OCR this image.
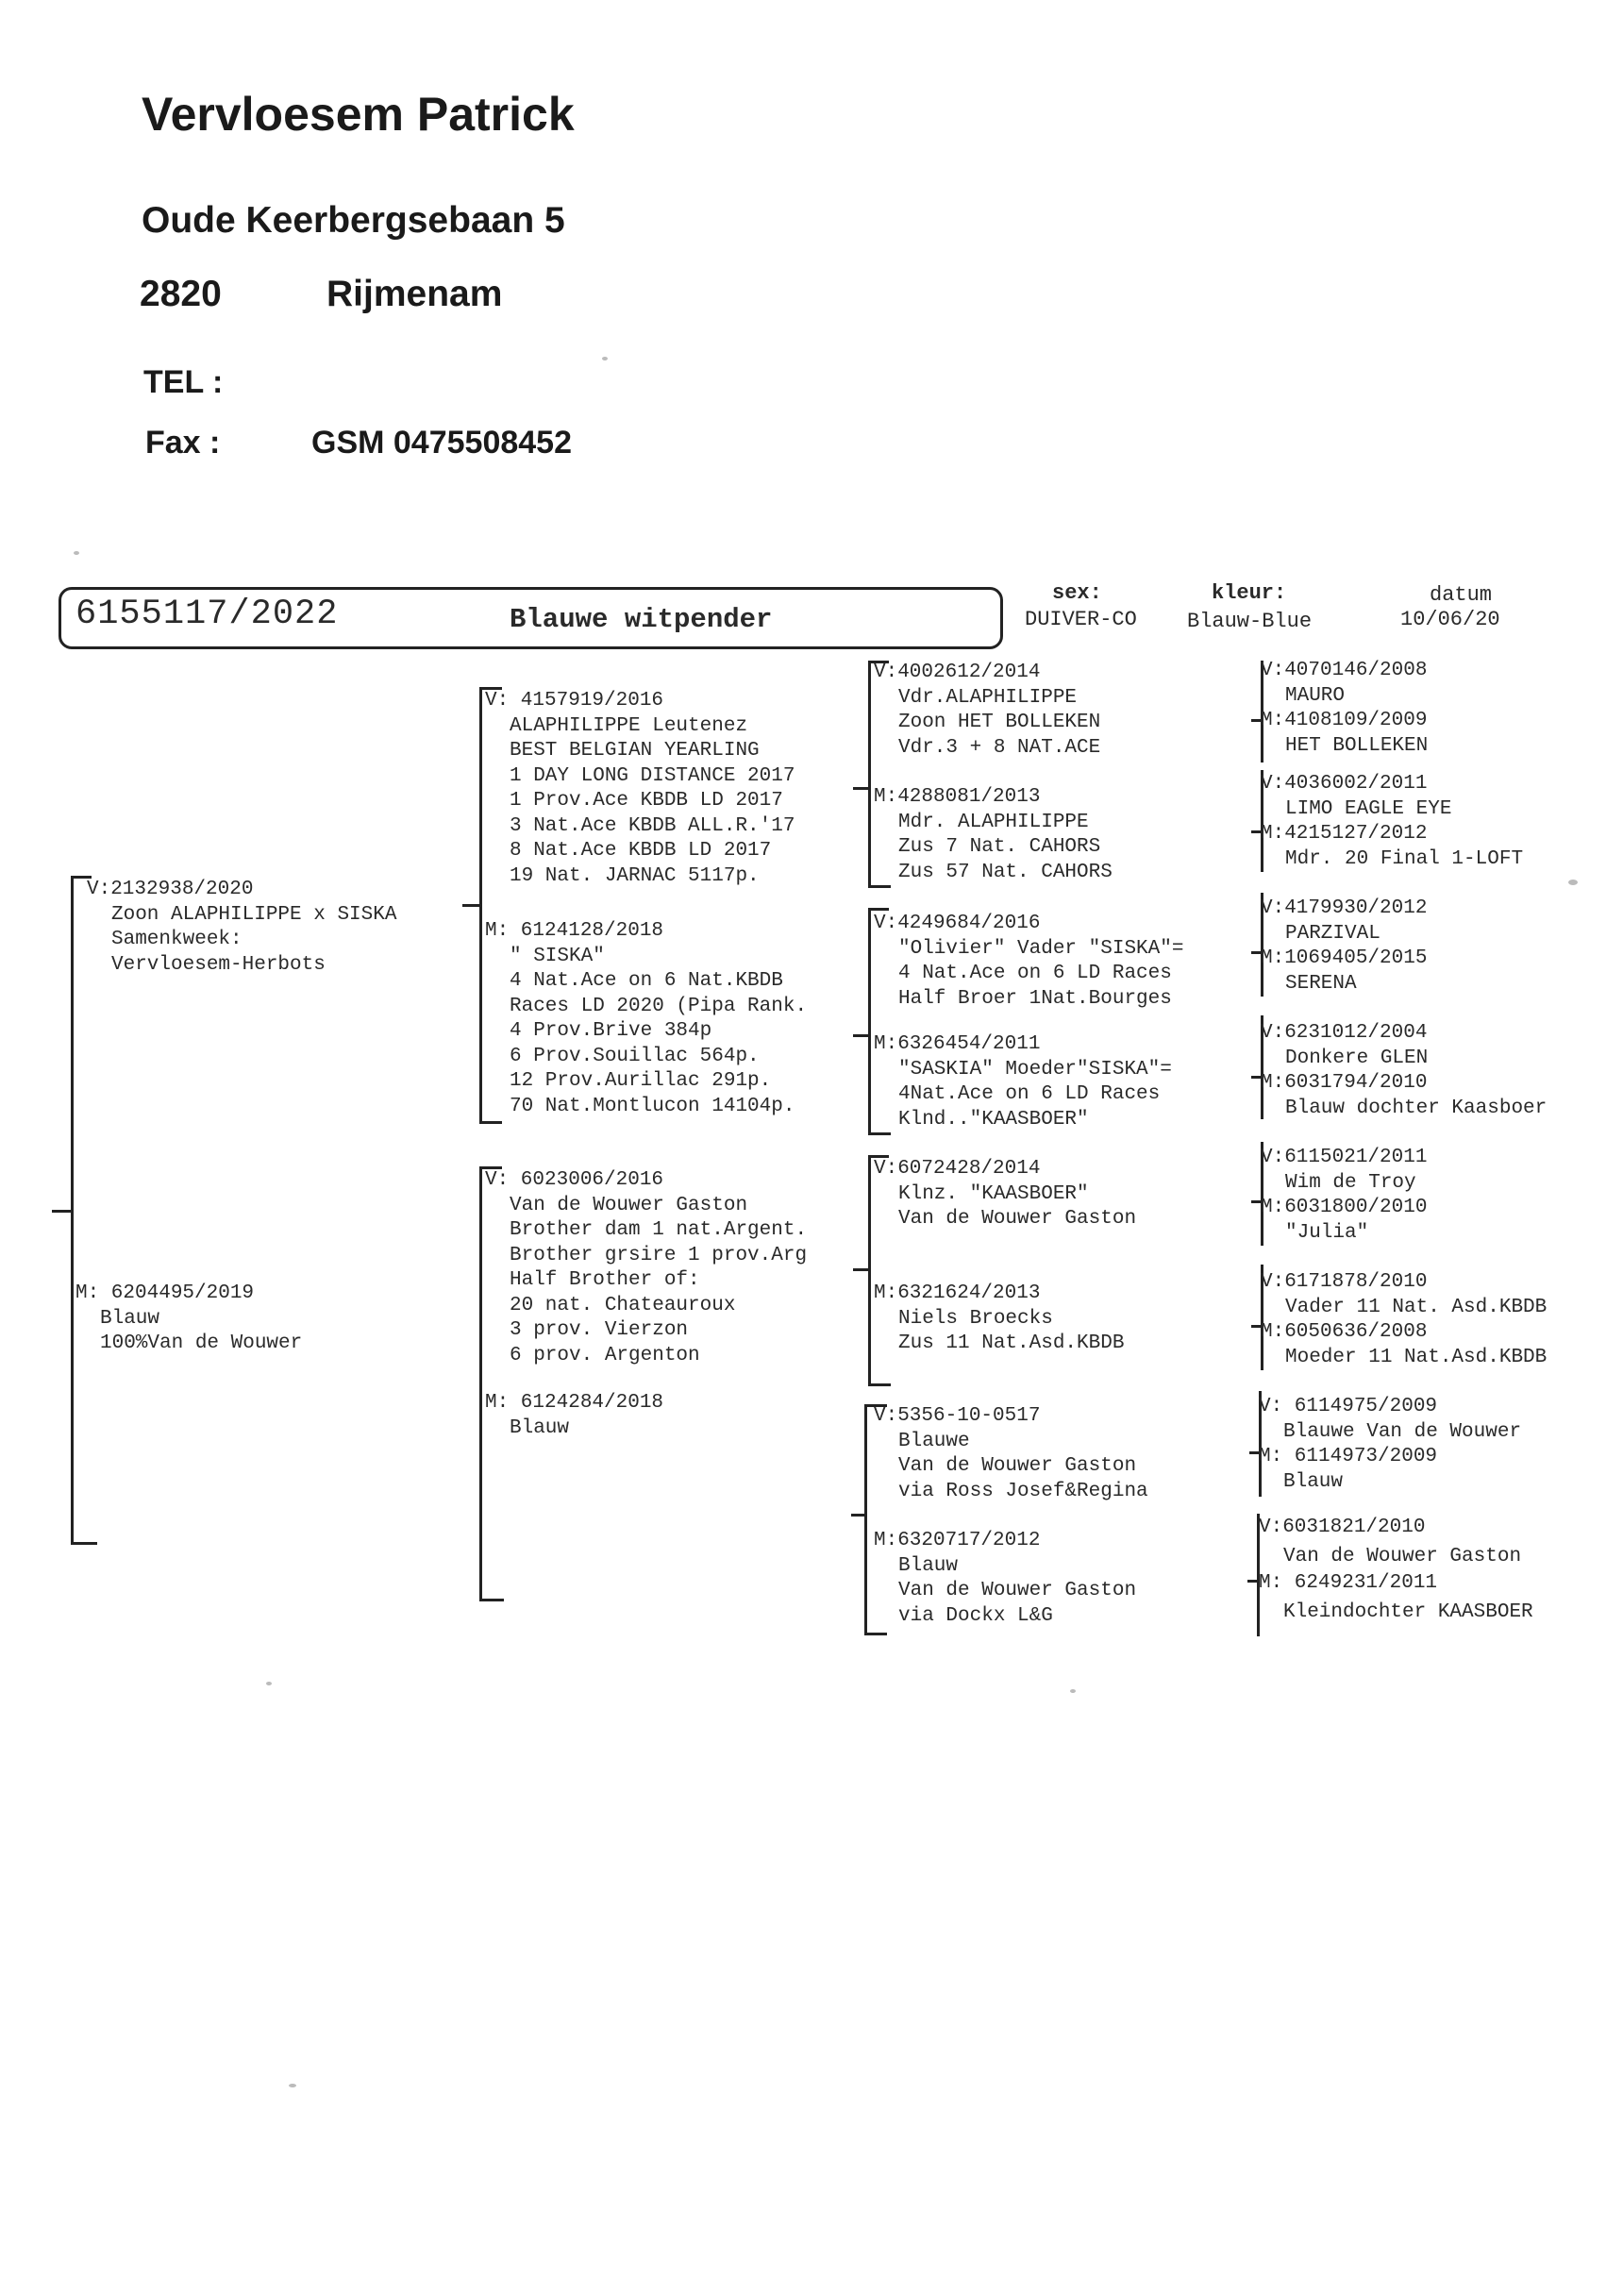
Vervloesem Patrick
Oude Keerbergsebaan 5
2820	Rijmenam
TEL :
Fax :	GSM 0475508452
6155117/2022	Blauwe witpender
sex:
DUIVER-CO
kleur:
Blauw-Blue
datum
10/06/20
V:2132938/2020
Zoon ALAPHILIPPE x SISKA
Samenkweek:
Vervloesem-Herbots
M: 6204495/2019
Blauw
100%Van de Wouwer
V: 4157919/2016
ALAPHILIPPE Leutenez
BEST BELGIAN YEARLING
1 DAY LONG DISTANCE 2017
1 Prov.Ace KBDB LD 2017
3 Nat.Ace KBDB ALL.R.'17
8 Nat.Ace KBDB LD 2017
19 Nat. JARNAC 5117p.
M: 6124128/2018
" SISKA"
4 Nat.Ace on 6 Nat.KBDB
Races LD 2020 (Pipa Rank.
4 Prov.Brive 384p
6 Prov.Souillac 564p.
12 Prov.Aurillac 291p.
70 Nat.Montlucon 14104p.
V: 6023006/2016
Van de Wouwer Gaston
Brother dam 1 nat.Argent.
Brother grsire 1 prov.Arg
Half Brother of:
20 nat. Chateauroux
3 prov. Vierzon
6 prov. Argenton
M: 6124284/2018
Blauw
V:4002612/2014
Vdr.ALAPHILIPPE
Zoon HET BOLLEKEN
Vdr.3 + 8 NAT.ACE
M:4288081/2013
Mdr. ALAPHILIPPE
Zus 7 Nat. CAHORS
Zus 57 Nat. CAHORS
V:4249684/2016
"Olivier" Vader "SISKA"=
4 Nat.Ace on 6 LD Races
Half Broer 1Nat.Bourges
M:6326454/2011
"SASKIA" Moeder"SISKA"=
4Nat.Ace on 6 LD Races
Klnd.."KAASBOER"
V:6072428/2014
Klnz. "KAASBOER"
Van de Wouwer Gaston
M:6321624/2013
Niels Broecks
Zus 11 Nat.Asd.KBDB
V:5356-10-0517
Blauwe
Van de Wouwer Gaston
via Ross Josef&Regina
M:6320717/2012
Blauw
Van de Wouwer Gaston
via Dockx L&G
V:4070146/2008
MAURO
M:4108109/2009
HET BOLLEKEN
V:4036002/2011
LIMO EAGLE EYE
M:4215127/2012
Mdr. 20 Final 1-LOFT
V:4179930/2012
PARZIVAL
M:1069405/2015
SERENA
V:6231012/2004
Donkere GLEN
M:6031794/2010
Blauw dochter Kaasboer
V:6115021/2011
Wim de Troy
M:6031800/2010
"Julia"
V:6171878/2010
Vader 11 Nat. Asd.KBDB
M:6050636/2008
Moeder 11 Nat.Asd.KBDB
V: 6114975/2009
Blauwe Van de Wouwer
M: 6114973/2009
Blauw
V:6031821/2010
Van de Wouwer Gaston
M: 6249231/2011
Kleindochter KAASBOER
